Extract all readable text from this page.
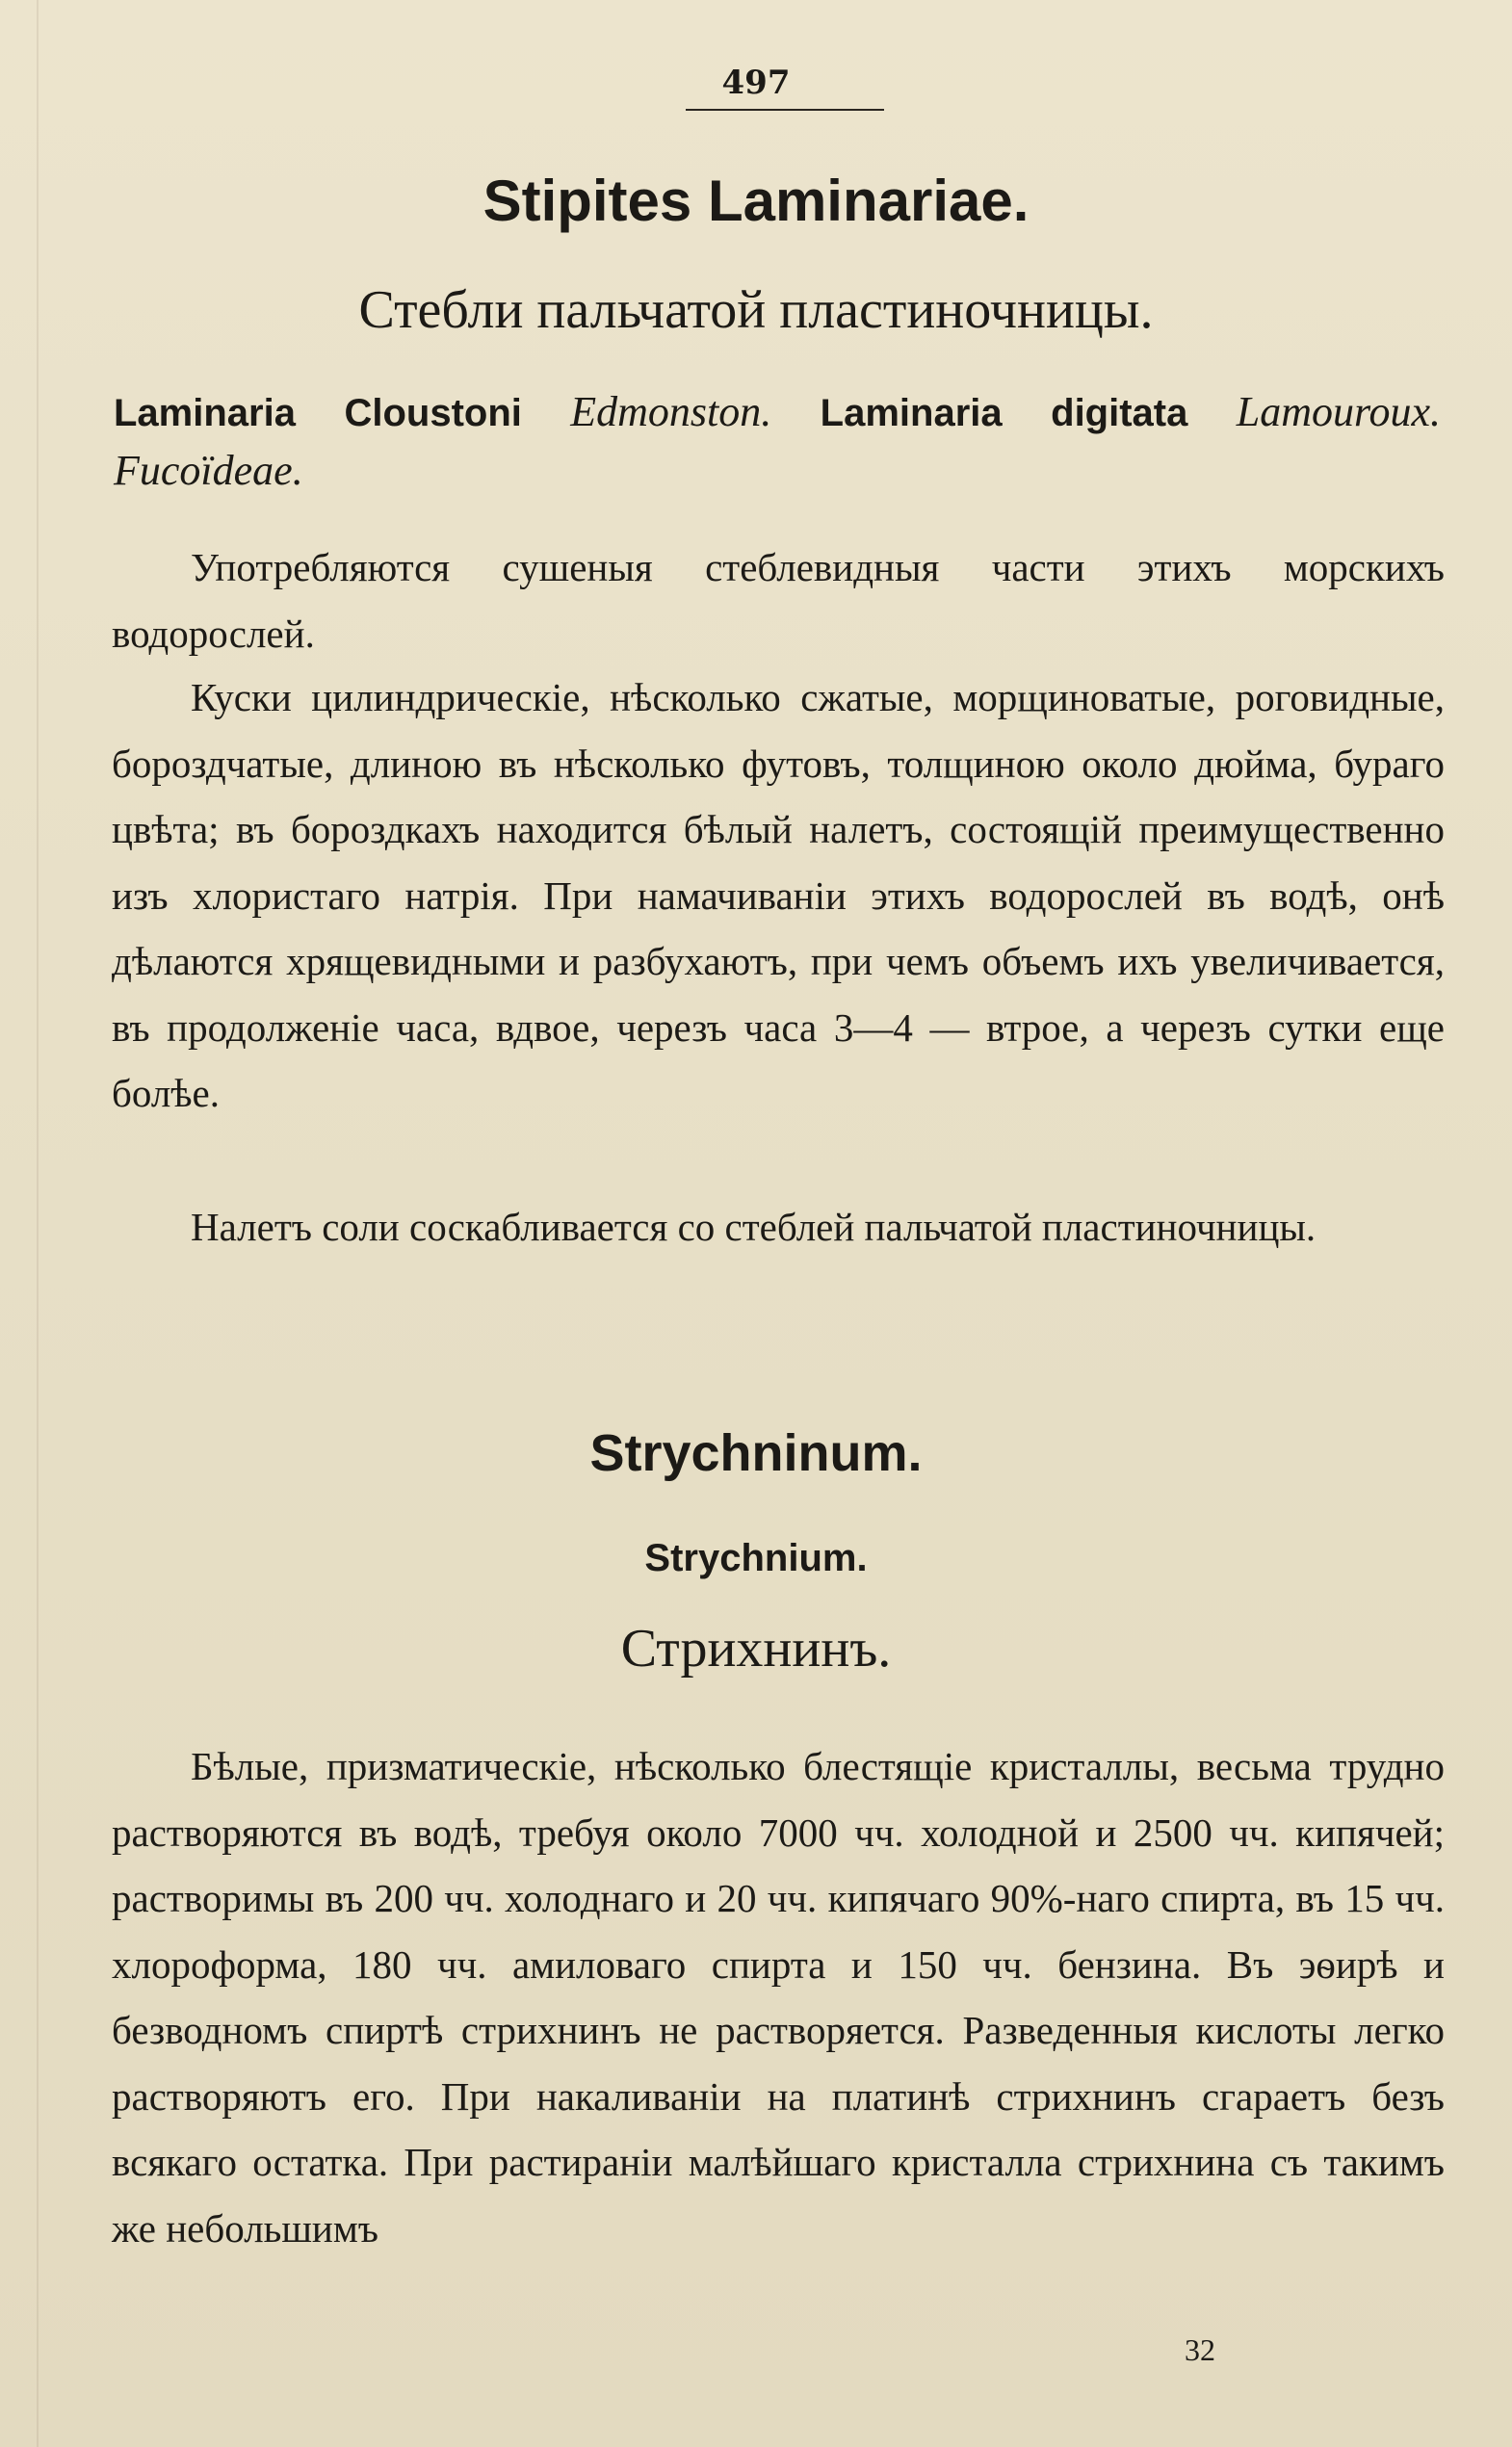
497
Stipites Laminariae.
Стебли пальчатой пластиночницы.
Laminaria Cloustoni Edmonston. Laminaria digitata Lamouroux. Fucoïdeae.

Употребляются сушеныя стеблевидныя части этихъ морскихъ водорослей.

Куски цилиндрическіе, нѣсколько сжатые, морщиноватые, роговидные, бороздчатые, длиною въ нѣсколько футовъ, толщиною около дюйма, бураго цвѣта; въ бороздкахъ находится бѣлый налетъ, состоящій преимущественно изъ хлористаго натрія. При намачиваніи этихъ водорослей въ водѣ, онѣ дѣлаются хрящевидными и разбухаютъ, при чемъ объемъ ихъ увеличивается, въ продолженіе часа, вдвое, черезъ часа 3—4 — втрое, а черезъ сутки еще болѣе.

Налетъ соли соскабливается со стеблей пальчатой пластиночницы.

Strychninum.
Strychnium.
Стрихнинъ.

Бѣлые, призматическіе, нѣсколько блестящіе кристаллы, весьма трудно растворяются въ водѣ, требуя около 7000 чч. холодной и 2500 чч. кипячей; растворимы въ 200 чч. холоднаго и 20 чч. кипячаго 90%-наго спирта, въ 15 чч. хлороформа, 180 чч. амиловаго спирта и 150 чч. бензина. Въ эѳирѣ и безводномъ спиртѣ стрихнинъ не растворяется. Разведенныя кислоты легко растворяютъ его. При накаливаніи на платинѣ стрихнинъ сгараетъ безъ всякаго остатка. При растираніи малѣйшаго кристалла стрихнина съ такимъ же небольшимъ

32
